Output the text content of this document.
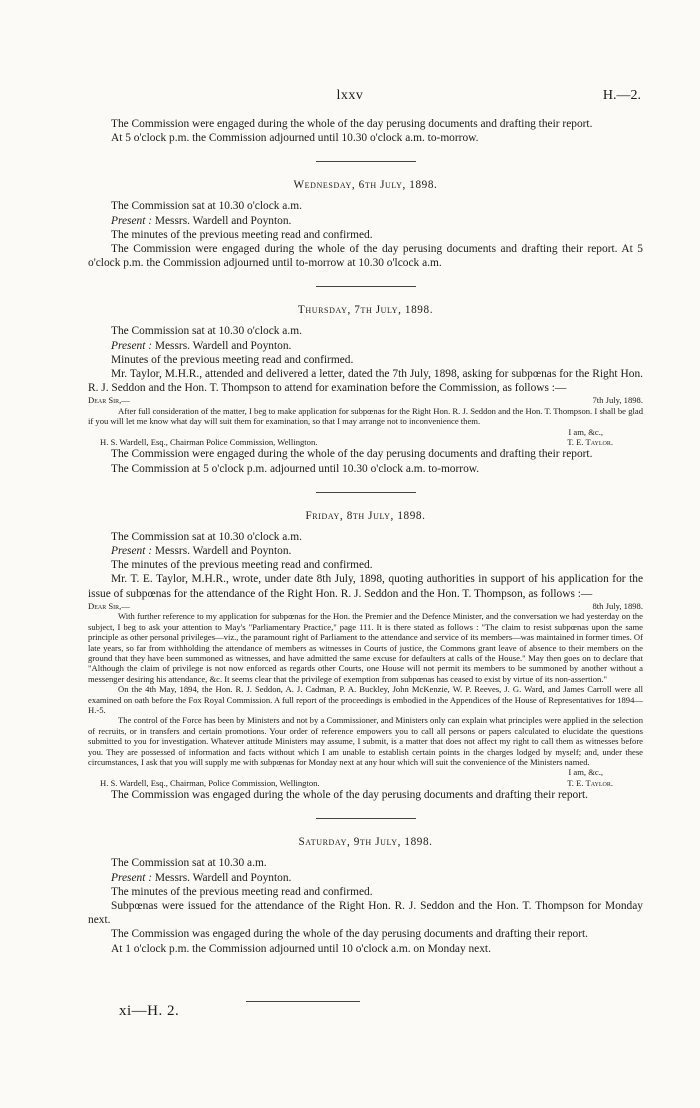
lxxv	H.—2.

The Commission were engaged during the whole of the day perusing documents and drafting their report.

At 5 o'clock p.m. the Commission adjourned until 10.30 o'clock a.m. to-morrow.

Wednesday, 6th July, 1898.

The Commission sat at 10.30 o'clock a.m.

Present : Messrs. Wardell and Poynton.

The minutes of the previous meeting read and confirmed.

The Commission were engaged during the whole of the day perusing documents and drafting their report. At 5 o'clock p.m. the Commission adjourned until to-morrow at 10.30 o'lcock a.m.

Thursday, 7th July, 1898.

The Commission sat at 10.30 o'clock a.m.

Present : Messrs. Wardell and Poynton.

Minutes of the previous meeting read and confirmed.

Mr. Taylor, M.H.R., attended and delivered a letter, dated the 7th July, 1898, asking for subpœnas for the Right Hon. R. J. Seddon and the Hon. T. Thompson to attend for examination before the Commission, as follows :—

Dear Sir,—	7th July, 1898.

After full consideration of the matter, I beg to make application for subpœnas for the Right Hon. R. J. Seddon and the Hon. T. Thompson. I shall be glad if you will let me know what day will suit them for examination, so that I may arrange not to inconvenience them.

I am, &c.,
H. S. Wardell, Esq., Chairman Police Commission, Wellington.	T. E. Taylor.

The Commission were engaged during the whole of the day perusing documents and drafting their report.

The Commission at 5 o'clock p.m. adjourned until 10.30 o'clock a.m. to-morrow.

Friday, 8th July, 1898.

The Commission sat at 10.30 o'clock a.m.

Present : Messrs. Wardell and Poynton.

The minutes of the previous meeting read and confirmed.

Mr. T. E. Taylor, M.H.R., wrote, under date 8th July, 1898, quoting authorities in support of his application for the issue of subpœnas for the attendance of the Right Hon. R. J. Seddon and the Hon. T. Thompson, as follows :—

Dear Sir,—	8th July, 1898.

With further reference to my application for subpœnas for the Hon. the Premier and the Defence Minister, and the conversation we had yesterday on the subject, I beg to ask your attention to May's "Parliamentary Practice," page 111. It is there stated as follows : "The claim to resist subpœnas upon the same principle as other personal privileges—viz., the paramount right of Parliament to the attendance and service of its members—was maintained in former times. Of late years, so far from withholding the attendance of members as witnesses in Courts of justice, the Commons grant leave of absence to their members on the ground that they have been summoned as witnesses, and have admitted the same excuse for defaulters at calls of the House." May then goes on to declare that "Although the claim of privilege is not now enforced as regards other Courts, one House will not permit its members to be summoned by another without a messenger desiring his attendance, &c. It seems clear that the privilege of exemption from subpœnas has ceased to exist by virtue of its non-assertion."

On the 4th May, 1894, the Hon. R. J. Seddon, A. J. Cadman, P. A. Buckley, John McKenzie, W. P. Reeves, J. G. Ward, and James Carroll were all examined on oath before the Fox Royal Commission. A full report of the proceedings is embodied in the Appendices of the House of Representatives for 1894—H.-5.

The control of the Force has been by Ministers and not by a Commissioner, and Ministers only can explain what principles were applied in the selection of recruits, or in transfers and certain promotions. Your order of reference empowers you to call all persons or papers calculated to elucidate the questions submitted to you for investigation. Whatever attitude Ministers may assume, I submit, is a matter that does not affect my right to call them as witnesses before you. They are possessed of information and facts without which I am unable to establish certain points in the charges lodged by myself; and, under these circumstances, I ask that you will supply me with subpœnas for Monday next at any hour which will suit the convenience of the Ministers named.

I am, &c.,
H. S. Wardell, Esq., Chairman, Police Commission, Wellington.	T. E. Taylor.

The Commission was engaged during the whole of the day perusing documents and drafting their report.

Saturday, 9th July, 1898.

The Commission sat at 10.30 a.m.

Present : Messrs. Wardell and Poynton.

The minutes of the previous meeting read and confirmed.

Subpœnas were issued for the attendance of the Right Hon. R. J. Seddon and the Hon. T. Thompson for Monday next.

The Commission was engaged during the whole of the day perusing documents and drafting their report.

At 1 o'clock p.m. the Commission adjourned until 10 o'clock a.m. on Monday next.

xi—H. 2.
